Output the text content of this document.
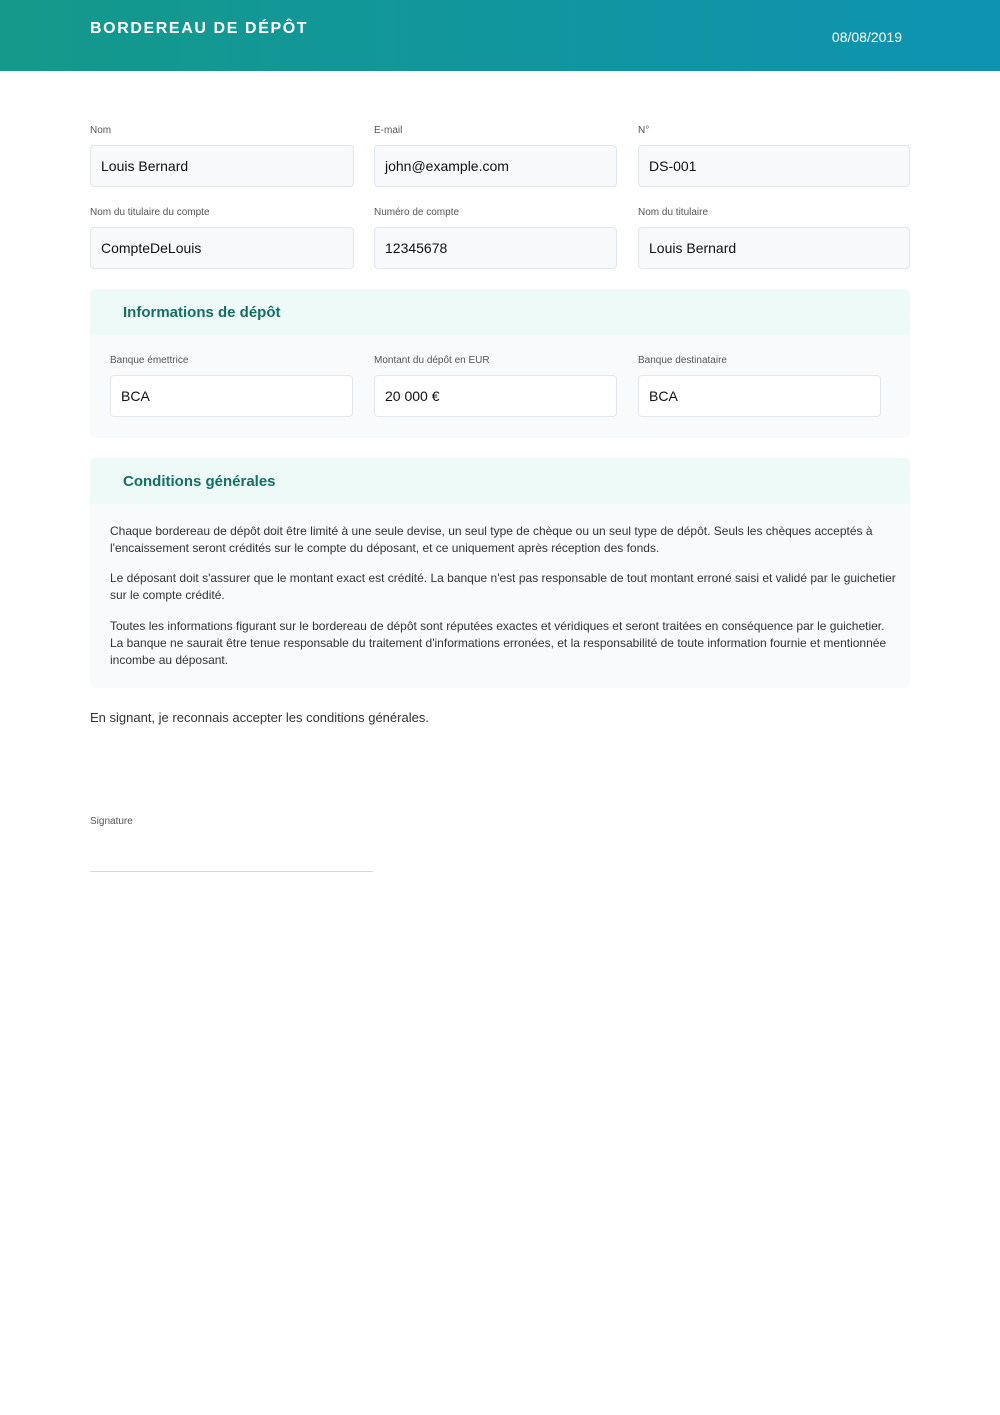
BORDEREAU DE DÉPÔT	08/08/2019
Nom
Louis Bernard
E-mail
john@example.com
N°
DS-001
Nom du titulaire du compte
CompteDeLouis
Numéro de compte
12345678
Nom du titulaire
Louis Bernard
Informations de dépôt
Banque émettrice
BCA
Montant du dépôt en EUR
20 000 €
Banque destinataire
BCA
Conditions générales

Chaque bordereau de dépôt doit être limité à une seule devise, un seul type de chèque ou un seul type de dépôt. Seuls les chèques acceptés à l'encaissement seront crédités sur le compte du déposant, et ce uniquement après réception des fonds.

Le déposant doit s'assurer que le montant exact est crédité. La banque n'est pas responsable de tout montant erroné saisi et validé par le guichetier sur le compte crédité.

Toutes les informations figurant sur le bordereau de dépôt sont réputées exactes et véridiques et seront traitées en conséquence par le guichetier. La banque ne saurait être tenue responsable du traitement d'informations erronées, et la responsabilité de toute information fournie et mentionnée incombe au déposant.

En signant, je reconnais accepter les conditions générales.
Signature
